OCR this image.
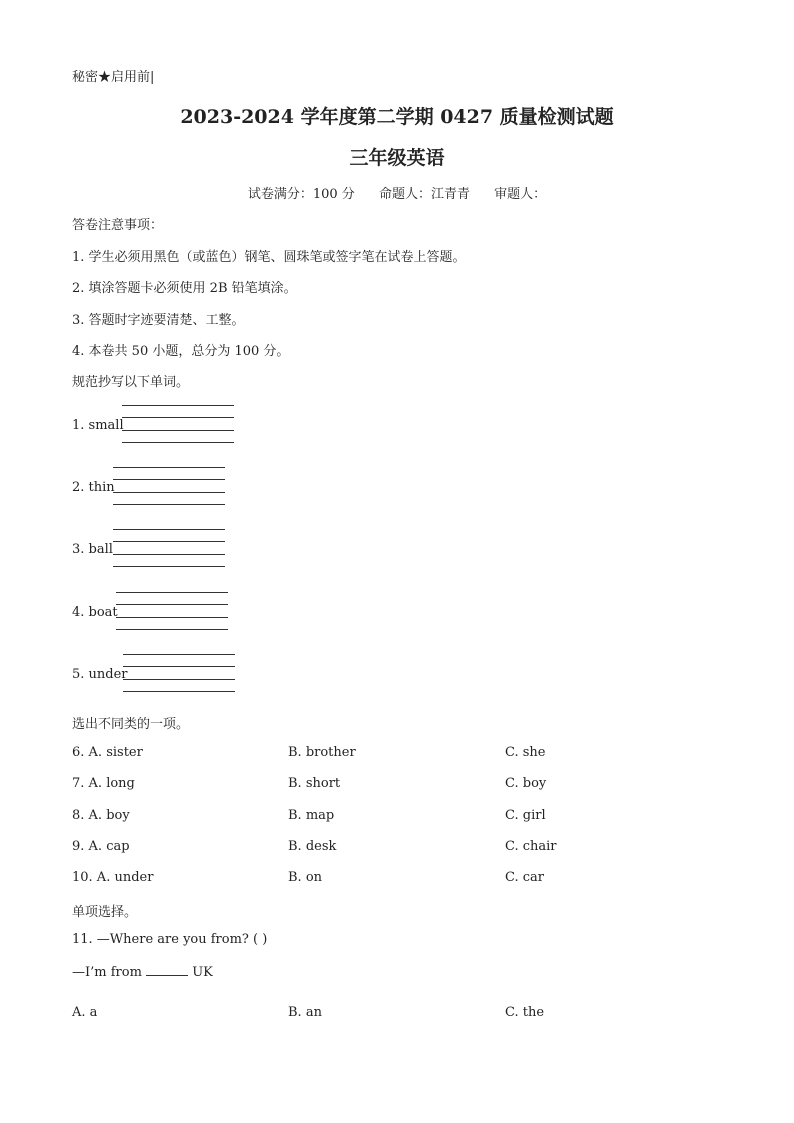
秘密★启用前|
2023-2024 学年度第二学期 0427 质量检测试题
三年级英语
试卷满分：100 分 命题人：江青青 审题人：
答卷注意事项：
1. 学生必须用黑色（或蓝色）钢笔、圆珠笔或签字笔在试卷上答题。
2. 填涂答题卡必须使用 2B 铅笔填涂。
3. 答题时字迹要清楚、工整。
4. 本卷共 50 小题，总分为 100 分。
规范抄写以下单词。
1. small
2. thin
3. ball
4. boat
5. under
选出不同类的一项。
6. A. sister	B. brother	C. she
7. A. long	B. short	C. boy
8. A. boy	B. map	C. girl
9. A. cap	B. desk	C. chair
10. A. under	B. on	C. car
单项选择。
11. —Where are you from? ( )
—I’m from	UK
A. a	B. an	C. the
